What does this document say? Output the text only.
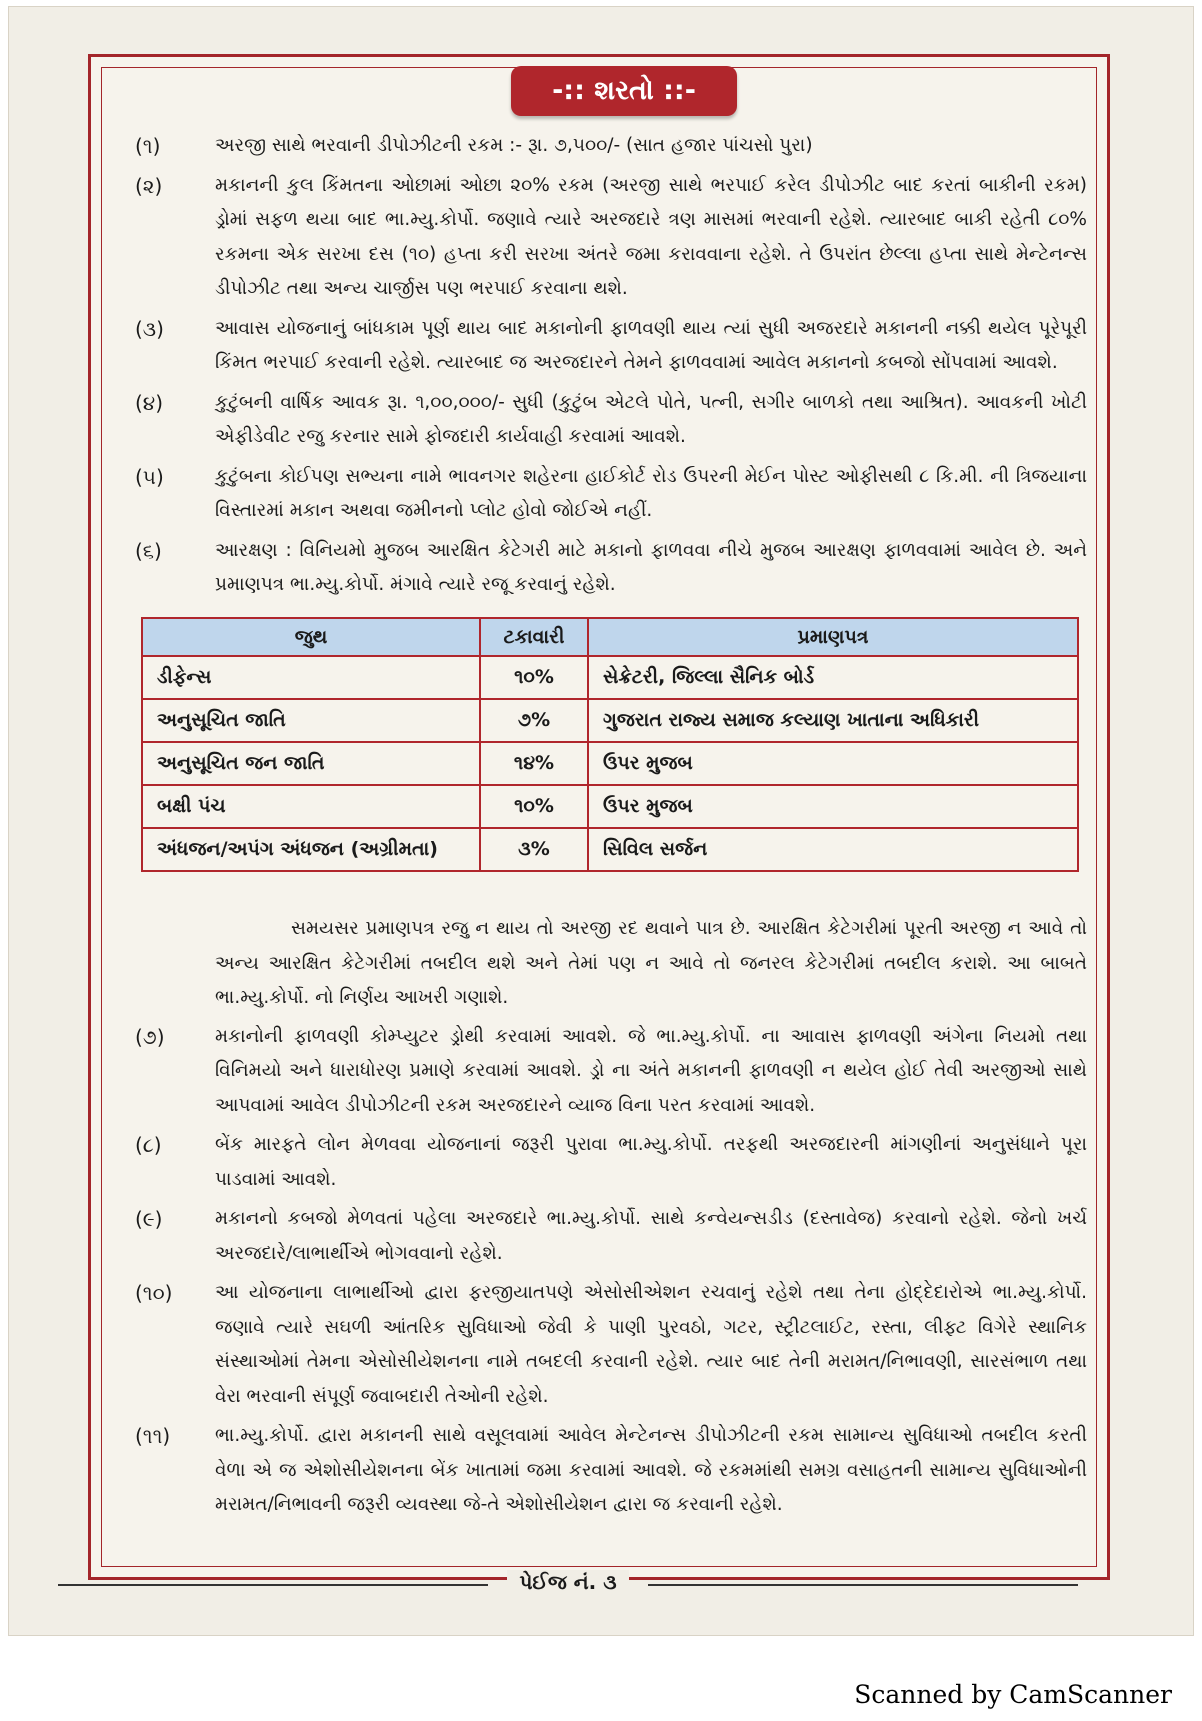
-:: શરતો ::-
(૧)	અરજી સાથે ભરવાની ડીપોઝીટની રકમ :- રૂા. ૭,૫૦૦/- (સાત હજાર પાંચસો પુરા)
(૨)	મકાનની કુલ કિંમતના ઓછામાં ઓછા ૨૦% રકમ (અરજી સાથે ભરપાઈ કરેલ ડીપોઝીટ બાદ કરતાં બાકીની રકમ) ડ્રોમાં સફળ થયા બાદ ભા.મ્યુ.કોર્પો. જણાવે ત્યારે અરજદારે ત્રણ માસમાં ભરવાની રહેશે. ત્યારબાદ બાકી રહેતી ૮૦% રકમના એક સરખા દસ (૧૦) હપ્તા કરી સરખા અંતરે જમા કરાવવાના રહેશે. તે ઉપરાંત છેલ્લા હપ્તા સાથે મેન્ટેનન્સ ડીપોઝીટ તથા અન્ય ચાર્જીસ પણ ભરપાઈ કરવાના થશે.
(૩)	આવાસ યોજનાનું બાંધકામ પૂર્ણ થાય બાદ મકાનોની ફાળવણી થાય ત્યાં સુધી અજરદારે મકાનની નક્કી થયેલ પૂરેપૂરી કિંમત ભરપાઈ કરવાની રહેશે. ત્યારબાદ જ અરજદારને તેમને ફાળવવામાં આવેલ મકાનનો કબજો સોંપવામાં આવશે.
(૪)	કુટુંબની વાર્ષિક આવક રૂા. ૧,૦૦,૦૦૦/- સુધી (કુટુંબ એટલે પોતે, પત્ની, સગીર બાળકો તથા આશ્રિત). આવકની ખોટી એફીડેવીટ રજુ કરનાર સામે ફોજદારી કાર્યવાહી કરવામાં આવશે.
(૫)	કુટુંબના કોઈપણ સભ્યના નામે ભાવનગર શહેરના હાઈકોર્ટ રોડ ઉપરની મેઈન પોસ્ટ ઓફીસથી ૮ કિ.મી. ની ત્રિજયાના વિસ્તારમાં મકાન અથવા જમીનનો પ્લોટ હોવો જોઈએ નહીં.
(૬)	આરક્ષણ : વિનિયમો મુજબ આરક્ષિત કેટેગરી માટે મકાનો ફાળવવા નીચે મુજબ આરક્ષણ ફાળવવામાં આવેલ છે. અને પ્રમાણપત્ર ભા.મ્યુ.કોર્પો. મંગાવે ત્યારે રજૂ કરવાનું રહેશે.
જુથ	ટકાવારી	પ્રમાણપત્ર
ડીફેન્સ	૧૦%	સેક્રેટરી, જિલ્લા સૈનિક બોર્ડ
અનુસૂચિત જાતિ	૭%	ગુજરાત રાજ્ય સમાજ કલ્યાણ ખાતાના અધિકારી
અનુસૂચિત જન જાતિ	૧૪%	ઉપર મુજબ
બક્ષી પંચ	૧૦%	ઉપર મુજબ
અંધજન/અપંગ અંધજન (અગ્રીમતા)	૩%	સિવિલ સર્જન
સમયસર પ્રમાણપત્ર રજુ ન થાય તો અરજી રદ થવાને પાત્ર છે. આરક્ષિત કેટેગરીમાં પૂરતી અરજી ન આવે તો અન્ય આરક્ષિત કેટેગરીમાં તબદીલ થશે અને તેમાં પણ ન આવે તો જનરલ કેટેગરીમાં તબદીલ કરાશે. આ બાબતે ભા.મ્યુ.કોર્પો. નો નિર્ણય આખરી ગણાશે.
(૭)	મકાનોની ફાળવણી કોમ્પ્યુટર ડ્રોથી કરવામાં આવશે. જે ભા.મ્યુ.કોર્પો. ના આવાસ ફાળવણી અંગેના નિયમો તથા વિનિમયો અને ધારાધોરણ પ્રમાણે કરવામાં આવશે. ડ્રો ના અંતે મકાનની ફાળવણી ન થયેલ હોઈ તેવી અરજીઓ સાથે આપવામાં આવેલ ડીપોઝીટની રકમ અરજદારને વ્યાજ વિના પરત કરવામાં આવશે.
(૮)	બેંક મારફતે લોન મેળવવા યોજનાનાં જરૂરી પુરાવા ભા.મ્યુ.કોર્પો. તરફથી અરજદારની માંગણીનાં અનુસંધાને પૂરા પાડવામાં આવશે.
(૯)	મકાનનો કબજો મેળવતાં પહેલા અરજદારે ભા.મ્યુ.કોર્પો. સાથે કન્વેયન્સડીડ (દસ્તાવેજ) કરવાનો રહેશે. જેનો ખર્ચ અરજદારે/લાભાર્થીએ ભોગવવાનો રહેશે.
(૧૦)	આ યોજનાના લાભાર્થીઓ દ્વારા ફરજીયાતપણે એસોસીએશન રચવાનું રહેશે તથા તેના હોદ્દેદારોએ ભા.મ્યુ.કોર્પો. જણાવે ત્યારે સઘળી આંતરિક સુવિધાઓ જેવી કે પાણી પુરવઠો, ગટર, સ્ટ્રીટલાઈટ, રસ્તા, લીફ્ટ વિગેરે સ્થાનિક સંસ્થાઓમાં તેમના એસોસીયેશનના નામે તબદલી કરવાની રહેશે. ત્યાર બાદ તેની મરામત/નિભાવણી, સારસંભાળ તથા વેરા ભરવાની સંપૂર્ણ જવાબદારી તેઓની રહેશે.
(૧૧)	ભા.મ્યુ.કોર્પો. દ્વારા મકાનની સાથે વસૂલવામાં આવેલ મેન્ટેનન્સ ડીપોઝીટની રકમ સામાન્ય સુવિધાઓ તબદીલ કરતી વેળા એ જ એશોસીયેશનના બેંક ખાતામાં જમા કરવામાં આવશે. જે રકમમાંથી સમગ્ર વસાહતની સામાન્ય સુવિધાઓની મરામત/નિભાવની જરૂરી વ્યવસ્થા જે-તે એશોસીયેશન દ્વારા જ કરવાની રહેશે.
પેઈજ નં. ૩
Scanned by CamScanner
